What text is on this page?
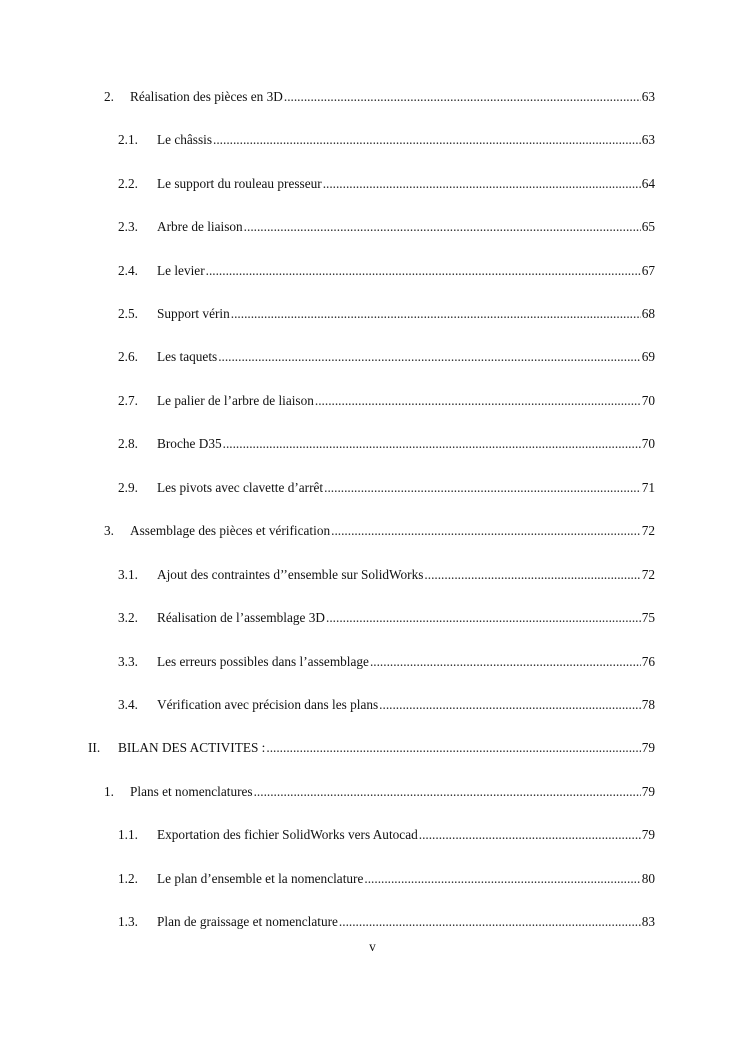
2.	Réalisation des pièces en 3D .....	63
2.1.	Le châssis .....	63
2.2.	Le support du rouleau presseur .....	64
2.3.	Arbre de liaison .....	65
2.4.	Le levier .....	67
2.5.	Support vérin .....	68
2.6.	Les taquets .....	69
2.7.	Le palier de l’arbre de liaison .....	70
2.8.	Broche D35 .....	70
2.9.	Les pivots avec clavette d’arrêt .....	71
3.	Assemblage des pièces et vérification .....	72
3.1.	Ajout des contraintes d’’ensemble sur SolidWorks .....	72
3.2.	Réalisation de l’assemblage 3D .....	75
3.3.	Les erreurs possibles dans l’assemblage .....	76
3.4.	Vérification avec précision dans les plans .....	78
II.	BILAN DES ACTIVITES : .....	79
1.	Plans et nomenclatures .....	79
1.1.	Exportation des fichier SolidWorks vers Autocad .....	79
1.2.	Le plan d’ensemble et la nomenclature .....	80
1.3.	Plan de graissage et nomenclature .....	83
v
